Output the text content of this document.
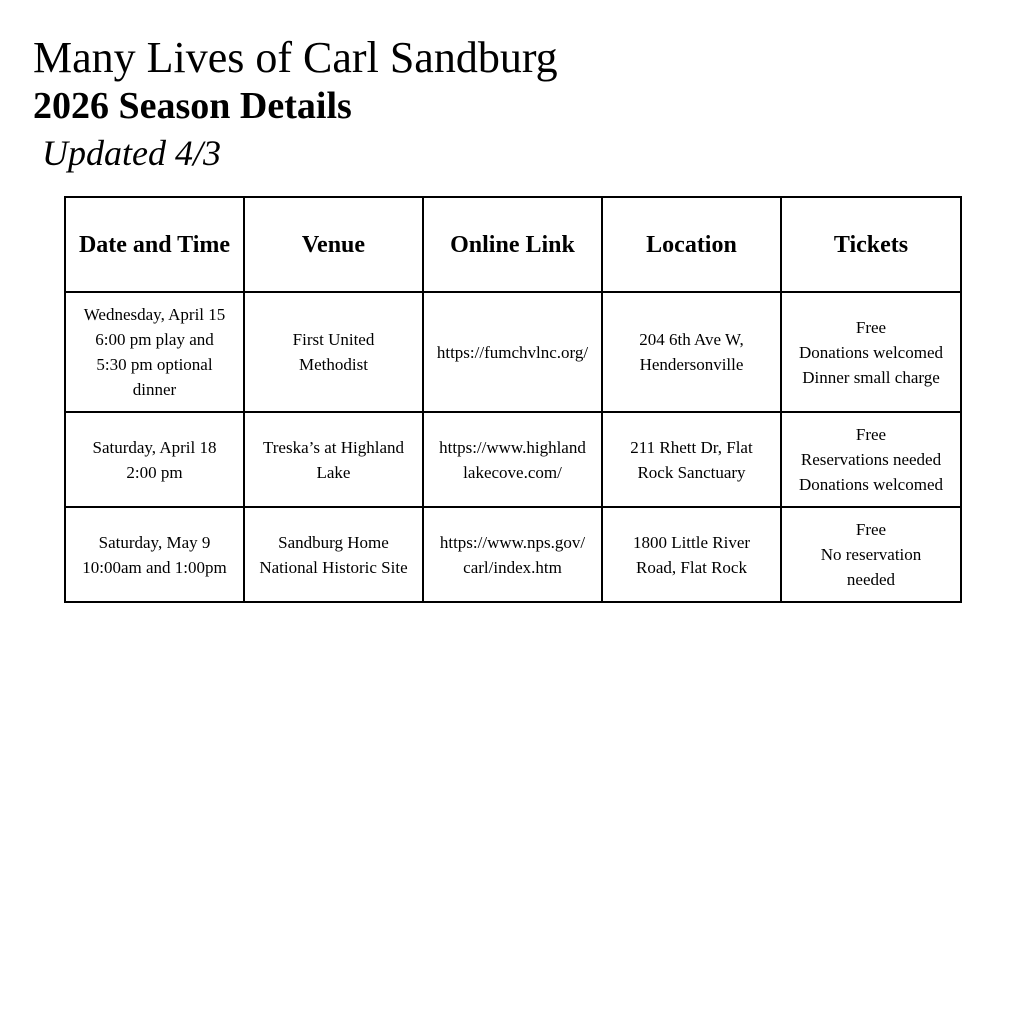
Many Lives of Carl Sandburg
2026 Season Details
Updated 4/3
Date and Time	Venue	Online Link	Location	Tickets

Wednesday, April 15
6:00 pm play and
5:30 pm optional
dinner	First United
Methodist	https://fumchvlnc.org/	204 6th Ave W,
Hendersonville	Free
Donations welcomed
Dinner small charge

Saturday, April 18
2:00 pm	Treska’s at Highland
Lake	https://www.highland
lakecove.com/	211 Rhett Dr, Flat
Rock Sanctuary	Free
Reservations needed
Donations welcomed

Saturday, May 9
10:00am and 1:00pm	Sandburg Home
National Historic Site	https://www.nps.gov/
carl/index.htm	1800 Little River
Road, Flat Rock	Free
No reservation
needed
